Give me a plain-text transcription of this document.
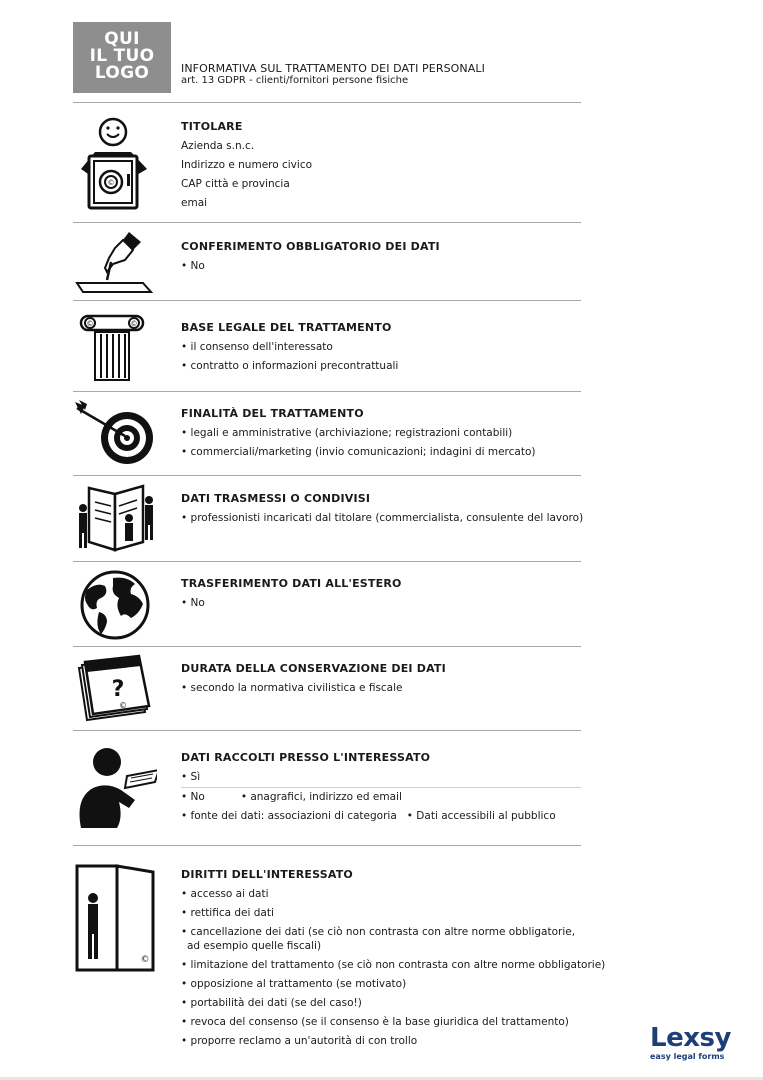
QUI
IL TUO
LOGO	INFORMATIVA SUL TRATTAMENTO DEI DATI PERSONALI
art. 13 GDPR - clienti/fornitori persone fisiche
©
TITOLARE
Azienda s.n.c.
Indirizzo e numero civico
CAP città e provincia
emai
CONFERIMENTO OBBLIGATORIO DEI DATI
• No
©	©	BASE LEGALE DEL TRATTAMENTO
• il consenso dell'interessato
• contratto o informazioni precontrattuali
FINALITÀ DEL TRATTAMENTO
• legali e amministrative (archiviazione; registrazioni contabili)
• commerciali/marketing (invio comunicazioni; indagini di mercato)
DATI TRASMESSI O CONDIVISI
• professionisti incaricati dal titolare (commercialista, consulente del lavoro)
TRASFERIMENTO DATI ALL'ESTERO
• No
?
©
DURATA DELLA CONSERVAZIONE DEI DATI
• secondo la normativa civilistica e fiscale
DATI RACCOLTI PRESSO L'INTERESSATO
• Sì
• No	• anagrafici, indirizzo ed email
• fonte dei dati: associazioni di categoria • Dati accessibili al pubblico
©
DIRITTI DELL'INTERESSATO
• accesso ai dati
• rettifica dei dati
• cancellazione dei dati (se ciò non contrasta con altre norme obbligatorie,
ad esempio quelle fiscali)
• limitazione del trattamento (se ciò non contrasta con altre norme obbligatorie)
• opposizione al trattamento (se motivato)
• portabilità dei dati (se del caso!)
• revoca del consenso (se il consenso è la base giuridica del trattamento)
• proporre reclamo a un'autorità di con trollo	Lexsy
easy legal forms
